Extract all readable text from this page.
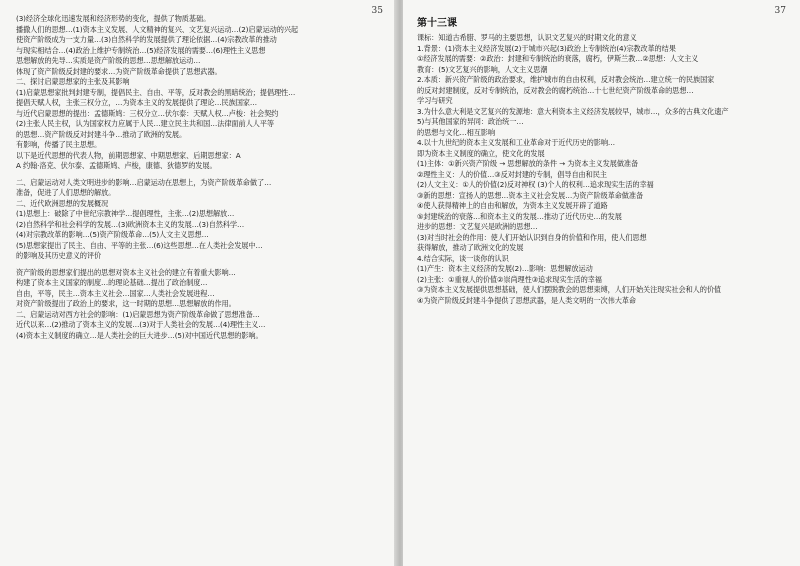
35
(3)经济全球化迅速发展和经济形势的变化，提供了物质基础。
播撒人们的思想…(1)资本主义发展、人文精神的复兴、文艺复兴运动…(2)启蒙运动的兴起
使资产阶级成为一支力量…(3)自然科学的发展提供了理论依据…(4)宗教改革的推动
与现实相结合…(4)政治上维护专制统治…(5)经济发展的需要…(6)理性主义思想
思想解放的先导…实质是资产阶级的思想…思想解放运动…
体现了资产阶级反封建的要求…为资产阶级革命提供了思想武器。
二、探讨启蒙思想家的主张及其影响
(1)启蒙思想家批判封建专制，提倡民主、自由、平等，反对教会的黑暗统治；提倡理性…
提倡天赋人权，主张三权分立，…为资本主义的发展提供了理论…民族国家…
与近代启蒙思想的提出：孟德斯鸠：三权分立…伏尔泰：天赋人权…卢梭：社会契约
(2)主张人民主权，认为国家权力应属于人民…建立民主共和国…法律面前人人平等
的思想…资产阶级反对封建斗争…推动了欧洲的发展。
有影响，传播了民主思想。
以下是近代思想的代表人物，前期思想家、中期思想家、后期思想家：A
A 约翰·洛克、伏尔泰、孟德斯鸠、卢梭，康德、狄德罗的发展。
二、启蒙运动对人类文明进步的影响…启蒙运动在思想上，为资产阶级革命做了…
准备，促进了人们思想的解放。
二、近代欧洲思想的发展概况
(1)思想上：破除了中世纪宗教神学…提倡理性，主张…(2)思想解放…
(2)自然科学和社会科学的发展…(3)欧洲资本主义的发展…(3)自然科学…
(4)对宗教改革的影响…(5)资产阶级革命…(5)人文主义思想…
(5)思想家提出了民主、自由、平等的主张…(6)这些思想…在人类社会发展中…
的影响及其历史意义的评价
资产阶级的思想家们提出的思想对资本主义社会的建立有着重大影响…
构建了资本主义国家的制度…的理论基础…提出了政治制度…
自由，平等，民主…资本主义社会…国家…人类社会发展进程…
对资产阶级提出了政治上的要求，这一时期的思想…思想解放的作用。
二、启蒙运动对西方社会的影响：(1)启蒙思想为资产阶级革命做了思想准备…
近代以来…(2)推动了资本主义的发展…(3)对于人类社会的发展…(4)理性主义…
(4)资本主义制度的确立…是人类社会的巨大进步…(5)对中国近代思想的影响。
37
第十三课
课标：知道古希腊、罗马的主要思想，认识文艺复兴的时期文化的意义
1.背景：(1)资本主义经济发展(2)于城市兴起(3)政治上专制统治(4)宗教改革的结果
①经济发展的需要：②政治：封建和专制统治的衰落，腐朽，伊斯兰教…②思想：人文主义
教育：(5)文艺复兴的影响，人文主义思潮
2.本质：新兴资产阶级的政治要求，维护城市的自由权利，反对教会统治…建立统一的民族国家
的反对封建制度，反对专制统治，反对教会的腐朽统治…十七世纪资产阶级革命的思想…
学习与研究
3.为什么意大利是文艺复兴的发源地：意大利资本主义经济发展较早，城市…，众多的古典文化遗产
5)与其他国家的异同：政治统一…
的思想与文化…相互影响
4.以十九世纪的资本主义发展和工业革命对于近代历史的影响…
即为资本主义制度的确立，使文化的发展
(1)主体：①新兴资产阶级 → 思想解放的条件 → 为资本主义发展做准备
②理性主义：人的价值…③反对封建的专制，倡导自由和民主
(2)人文主义：①人的价值(2)反对神权 (3)个人的权利…追求现实生活的幸福
③新的思想：宣扬人的思想…资本主义社会发展…为资产阶级革命做准备
④使人获得精神上的自由和解放，为资本主义发展开辟了道路
⑤封建统治的衰落…和资本主义的发展…推动了近代历史…的发展
进步的思想：文艺复兴是欧洲的思想…
(3)对当时社会的作用：使人们开始认识到自身的价值和作用，使人们思想
获得解放，推动了欧洲文化的发展
4.结合实际，谈一谈你的认识
(1)产生：资本主义经济的发展(2)…影响：思想解放运动
(2)主张：①重视人的价值②崇尚理性③追求现实生活的幸福
③为资本主义发展提供思想基础，使人们摆脱教会的思想束缚，人们开始关注现实社会和人的价值
④为资产阶级反封建斗争提供了思想武器，是人类文明的一次伟大革命
